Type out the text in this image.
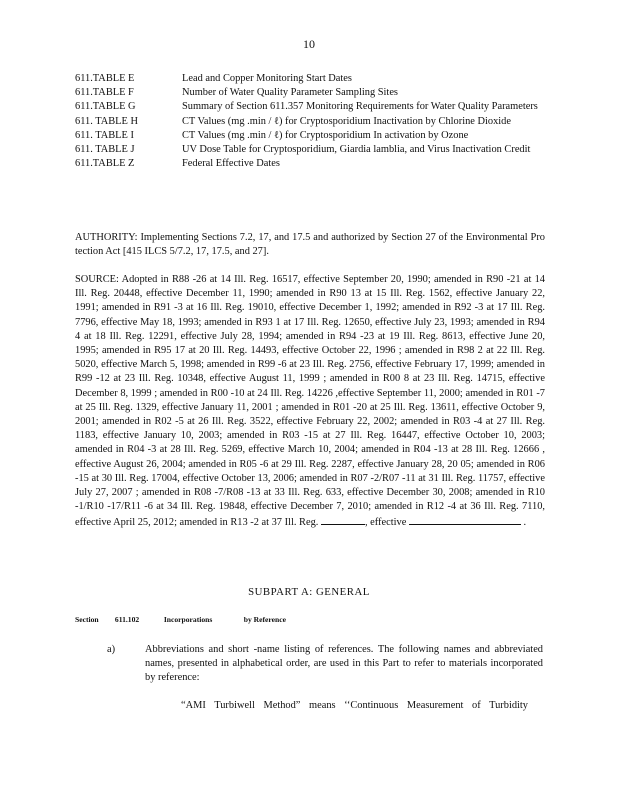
10
611.TABLE E	Lead and Copper Monitoring Start Dates
611.TABLE F	Number of Water Quality Parameter Sampling Sites
611.TABLE G	Summary of Section 611.357 Monitoring Requirements for Water Quality Parameters
611. TABLE H	CT Values (mg .min / ℓ) for Cryptosporidium Inactivation by Chlorine Dioxide
611. TABLE I	CT Values (mg .min / ℓ) for Cryptosporidium In activation by Ozone
611. TABLE J	UV Dose Table for Cryptosporidium, Giardia lamblia, and Virus Inactivation Credit
611.TABLE Z	Federal Effective Dates
AUTHORITY: Implementing Sections 7.2, 17, and 17.5 and authorized by Section 27 of the Environmental Pro tection Act [415 ILCS 5/7.2, 17, 17.5, and 27].
SOURCE: Adopted in R88 -26 at 14 Ill. Reg. 16517, effective September 20, 1990; amended in R90 -21 at 14 Ill. Reg. 20448, effective December 11, 1990; amended in R90 13 at 15 Ill. Reg. 1562, effective January 22, 1991; amended in R91 -3 at 16 Ill. Reg. 19010, effective December 1, 1992; amended in R92 -3 at 17 Ill. Reg. 7796, effective May 18, 1993; amended in R93 1 at 17 Ill. Reg. 12650, effective July 23, 1993; amended in R94 4 at 18 Ill. Reg. 12291, effective July 28, 1994; amended in R94 -23 at 19 Ill. Reg. 8613, effective June 20, 1995; amended in R95 17 at 20 Ill. Reg. 14493, effective October 22, 1996 ; amended in R98 2 at 22 Ill. Reg. 5020, effective March 5, 1998; amended in R99 -6 at 23 Ill. Reg. 2756, effective February 17, 1999; amended in R99 -12 at 23 Ill. Reg. 10348, effective August 11, 1999 ; amended in R00 8 at 23 Ill. Reg. 14715, effective December 8, 1999 ; amended in R00 -10 at 24 Ill. Reg. 14226 ,effective September 11, 2000; amended in R01 -7 at 25 Ill. Reg. 1329, effective January 11, 2001 ; amended in R01 -20 at 25 Ill. Reg. 13611, effective October 9, 2001; amended in R02 -5 at 26 Ill. Reg. 3522, effective February 22, 2002; amended in R03 -4 at 27 Ill. Reg. 1183, effective January 10, 2003; amended in R03 -15 at 27 Ill. Reg. 16447, effective October 10, 2003; amended in R04 -3 at 28 Ill. Reg. 5269, effective March 10, 2004; amended in R04 -13 at 28 Ill. Reg. 12666 , effective August 26, 2004; amended in R05 -6 at 29 Ill. Reg. 2287, effective January 28, 20 05; amended in R06 -15 at 30 Ill. Reg. 17004, effective October 13, 2006; amended in R07 -2/R07 -11 at 31 Ill. Reg. 11757, effective July 27, 2007 ; amended in R08 -7/R08 -13 at 33 Ill. Reg. 633, effective December 30, 2008; amended in R10 -1/R10 -17/R11 -6 at 34 Ill. Reg. 19848, effective December 7, 2010; amended in R12 -4 at 36 Ill. Reg. 7110, effective April 25, 2012; amended in R13 -2 at 37 Ill. Reg.	, effective	.
SUBPART A: GENERAL
Section 611.102	Incorporations	by Reference
a)	Abbreviations and short -name listing of references. The following names and abbreviated names, presented in alphabetical order, are used in this Part to refer to materials incorporated by reference:
“AMI Turbiwell Method” means ‘‘Continuous Measurement of Turbidity
